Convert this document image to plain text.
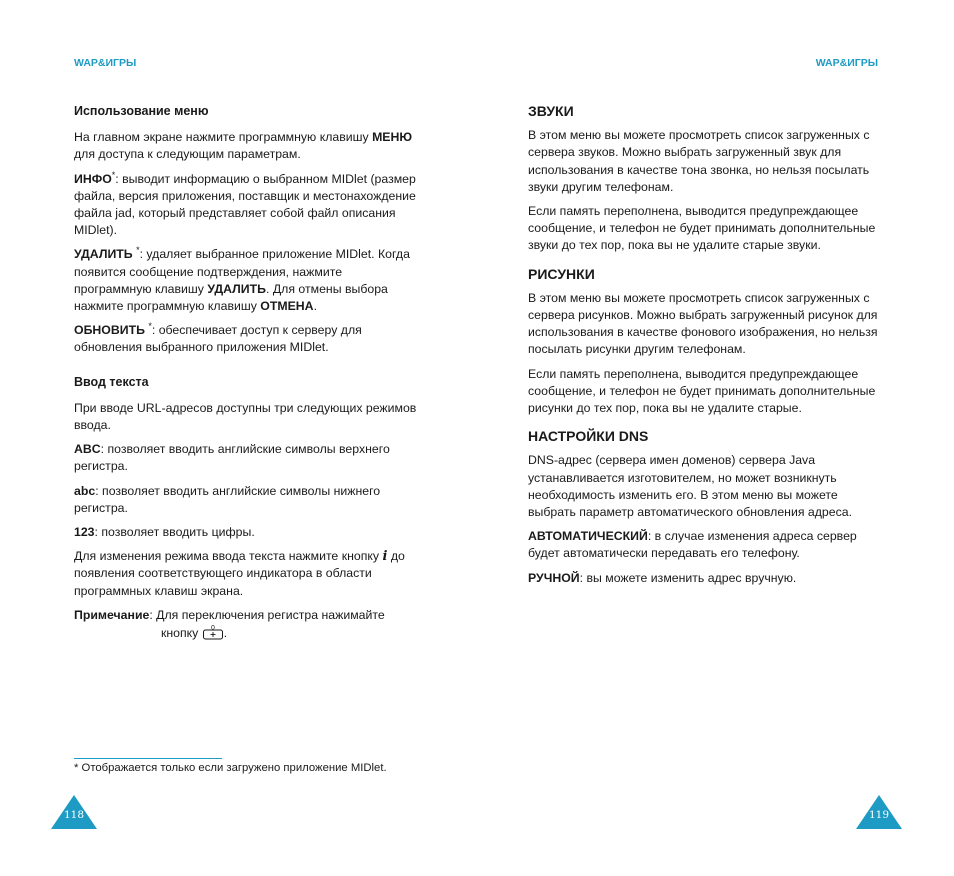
WAP&ИГРЫ	WAP&ИГРЫ
Использование меню

На главном экране нажмите программную клавишу МЕНЮ для доступа к следующим параметрам.

ИНФО*: выводит информацию о выбранном MIDlet (размер файла, версия приложения, поставщик и местонахождение файла jad, который представляет собой файл описания MIDlet).

УДАЛИТЬ *: удаляет выбранное приложение MIDlet. Когда появится сообщение подтверждения, нажмите программную клавишу УДАЛИТЬ. Для отмены выбора нажмите программную клавишу ОТМЕНА.

ОБНОВИТЬ *: обеспечивает доступ к серверу для обновления выбранного приложения MIDlet.

Ввод текста

При вводе URL-адресов доступны три следующих режимов ввода.

ABC: позволяет вводить английские символы верхнего регистра.

abc: позволяет вводить английские символы нижнего регистра.

123: позволяет вводить цифры.

Для изменения режима ввода текста нажмите кнопку i до появления соответствующего индикатора в области программных клавиш экрана.

Примечание: Для переключения регистра нажимайте
кнопку 0 .

ЗВУКИ

В этом меню вы можете просмотреть список загруженных с сервера звуков. Можно выбрать загруженный звук для использования в качестве тона звонка, но нельзя посылать звуки другим телефонам.

Если память переполнена, выводится предупреждающее сообщение, и телефон не будет принимать дополнительные звуки до тех пор, пока вы не удалите старые звуки.

РИСУНКИ

В этом меню вы можете просмотреть список загруженных с сервера рисунков. Можно выбрать загруженный рисунок для использования в качестве фонового изображения, но нельзя посылать рисунки другим телефонам.

Если память переполнена, выводится предупреждающее сообщение, и телефон не будет принимать дополнительные рисунки до тех пор, пока вы не удалите старые.

НАСТРОЙКИ DNS

DNS-адрес (сервера имен доменов) сервера Java устанавливается изготовителем, но может возникнуть необходимость изменить его. В этом меню вы можете выбрать параметр автоматического обновления адреса.

АВТОМАТИЧЕСКИЙ: в случае изменения адреса сервер будет автоматически передавать его телефону.

РУЧНОЙ: вы можете изменить адрес вручную.

* Отображается только если загружено приложение MIDlet.
118	119
